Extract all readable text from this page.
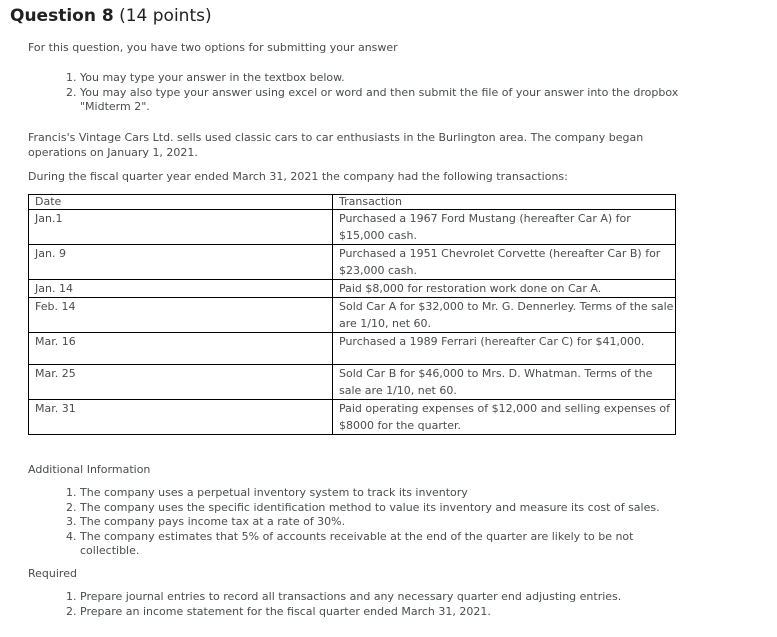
Question 8 (14 points)
For this question, you have two options for submitting your answer
1. You may type your answer in the textbox below.
2. You may also type your answer using excel or word and then submit the file of your answer into the dropbox "Midterm 2".
Francis's Vintage Cars Ltd. sells used classic cars to car enthusiasts in the Burlington area. The company began operations on January 1, 2021.
During the fiscal quarter year ended March 31, 2021 the company had the following transactions:
Date	Transaction
Jan.1	Purchased a 1967 Ford Mustang (hereafter Car A) for $15,000 cash.
Jan. 9	Purchased a 1951 Chevrolet Corvette (hereafter Car B) for $23,000 cash.
Jan. 14	Paid $8,000 for restoration work done on Car A.
Feb. 14	Sold Car A for $32,000 to Mr. G. Dennerley. Terms of the sale are 1/10, net 60.
Mar. 16	Purchased a 1989 Ferrari (hereafter Car C) for $41,000.
Mar. 25	Sold Car B for $46,000 to Mrs. D. Whatman. Terms of the sale are 1/10, net 60.
Mar. 31	Paid operating expenses of $12,000 and selling expenses of $8000 for the quarter.
Additional Information
1. The company uses a perpetual inventory system to track its inventory
2. The company uses the specific identification method to value its inventory and measure its cost of sales.
3. The company pays income tax at a rate of 30%.
4. The company estimates that 5% of accounts receivable at the end of the quarter are likely to be not collectible.
Required
1. Prepare journal entries to record all transactions and any necessary quarter end adjusting entries.
2. Prepare an income statement for the fiscal quarter ended March 31, 2021.
